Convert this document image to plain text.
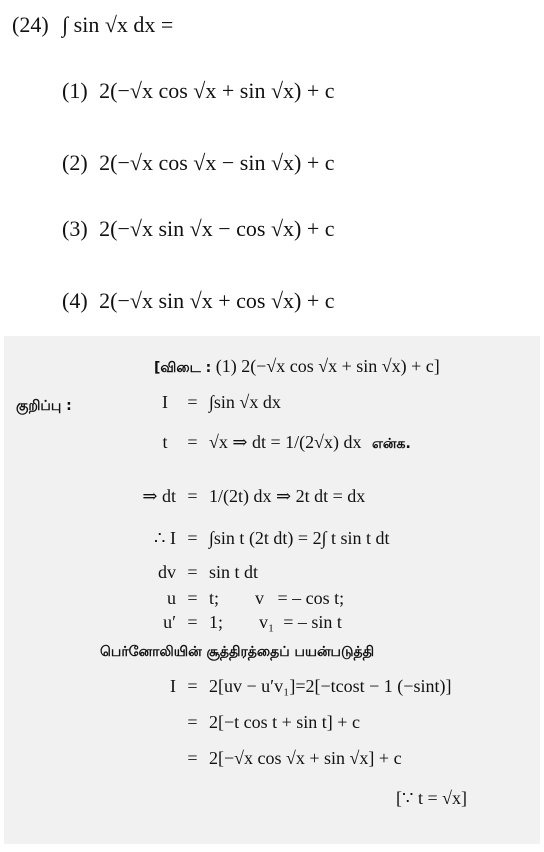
(24) ∫ sin √x dx =
(1) 2(−√x cos √x + sin √x) + c
(2) 2(−√x cos √x − sin √x) + c
(3) 2(−√x sin √x − cos √x) + c
(4) 2(−√x sin √x + cos √x) + c
[விடை : (1) 2(−√x cos √x + sin √x) + c]
குறிப்பு :	I = ∫sin √x dx
t = √x ⇒ dt = 1/(2√x) dx என்க.
⇒ dt = 1/(2t) dx ⇒ 2t dt = dx
∴ I = ∫sin t (2t dt) = 2∫ t sin t dt
dv = sin t dt
u = t;        v   = – cos t;
u′ = 1;        v₁  = – sin t
பெர்னோலியின் சூத்திரத்தைப் பயன்படுத்தி
I = 2[uv − u′v₁]=2[−tcost − 1 (−sint)]
= 2[−t cos t + sin t] + c
= 2[−√x cos √x + sin √x] + c
[∵ t = √x]
